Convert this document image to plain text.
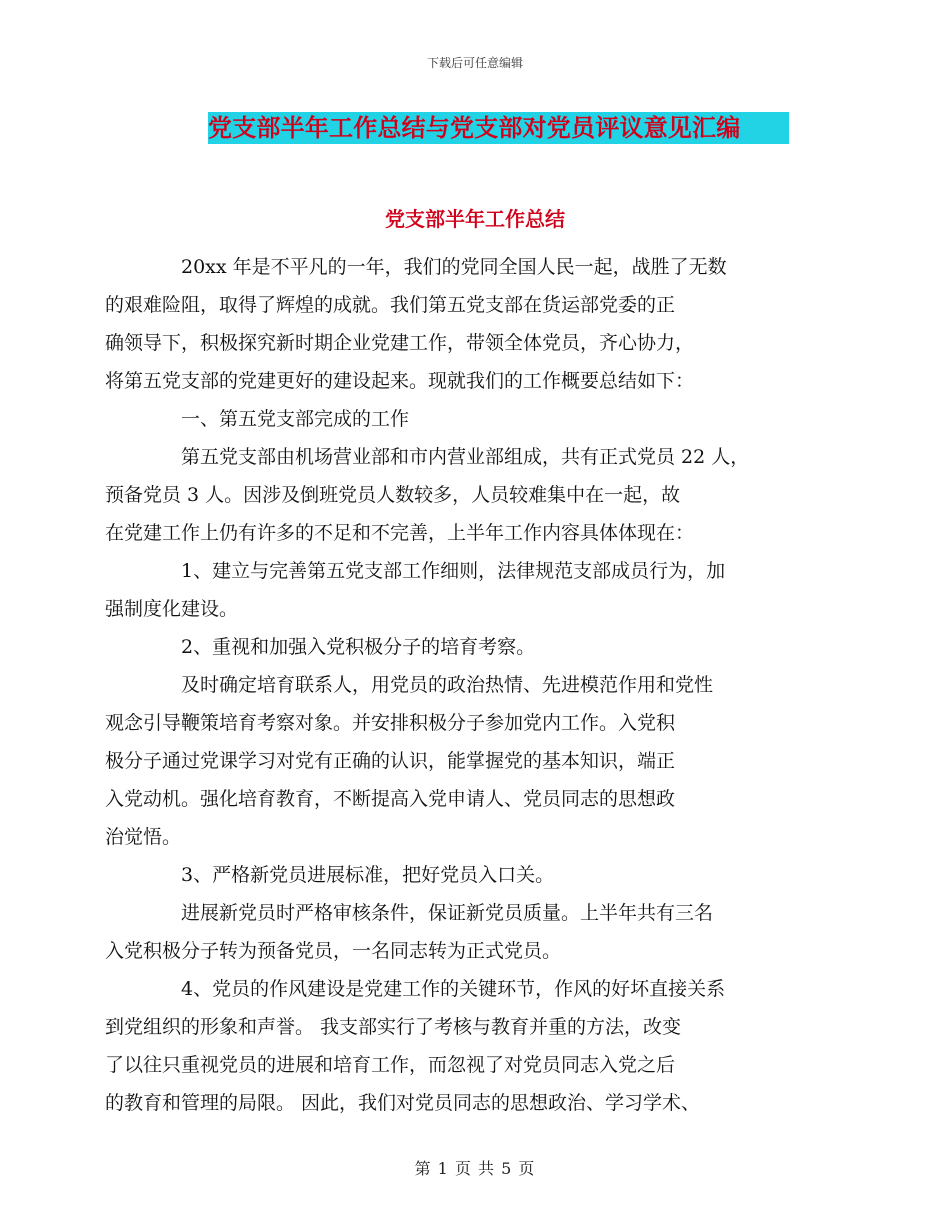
下载后可任意编辑
党支部半年工作总结与党支部对党员评议意见汇编
党支部半年工作总结

20xx 年是不平凡的一年，我们的党同全国人民一起，战胜了无数
的艰难险阻，取得了辉煌的成就。我们第五党支部在货运部党委的正
确领导下，积极探究新时期企业党建工作，带领全体党员，齐心协力，
将第五党支部的党建更好的建设起来。现就我们的工作概要总结如下：

一、第五党支部完成的工作

第五党支部由机场营业部和市内营业部组成，共有正式党员 22 人，
预备党员 3 人。因涉及倒班党员人数较多，人员较难集中在一起，故
在党建工作上仍有许多的不足和不完善，上半年工作内容具体体现在：

1、建立与完善第五党支部工作细则，法律规范支部成员行为，加
强制度化建设。

2、重视和加强入党积极分子的培育考察。

及时确定培育联系人，用党员的政治热情、先进模范作用和党性
观念引导鞭策培育考察对象。并安排积极分子参加党内工作。入党积
极分子通过党课学习对党有正确的认识，能掌握党的基本知识，端正
入党动机。强化培育教育，不断提高入党申请人、党员同志的思想政
治觉悟。

3、严格新党员进展标准，把好党员入口关。

进展新党员时严格审核条件，保证新党员质量。上半年共有三名
入党积极分子转为预备党员，一名同志转为正式党员。

4、党员的作风建设是党建工作的关键环节，作风的好坏直接关系
到党组织的形象和声誉。 我支部实行了考核与教育并重的方法，改变
了以往只重视党员的进展和培育工作，而忽视了对党员同志入党之后
的教育和管理的局限。 因此，我们对党员同志的思想政治、学习学术、

第 1 页 共 5 页
